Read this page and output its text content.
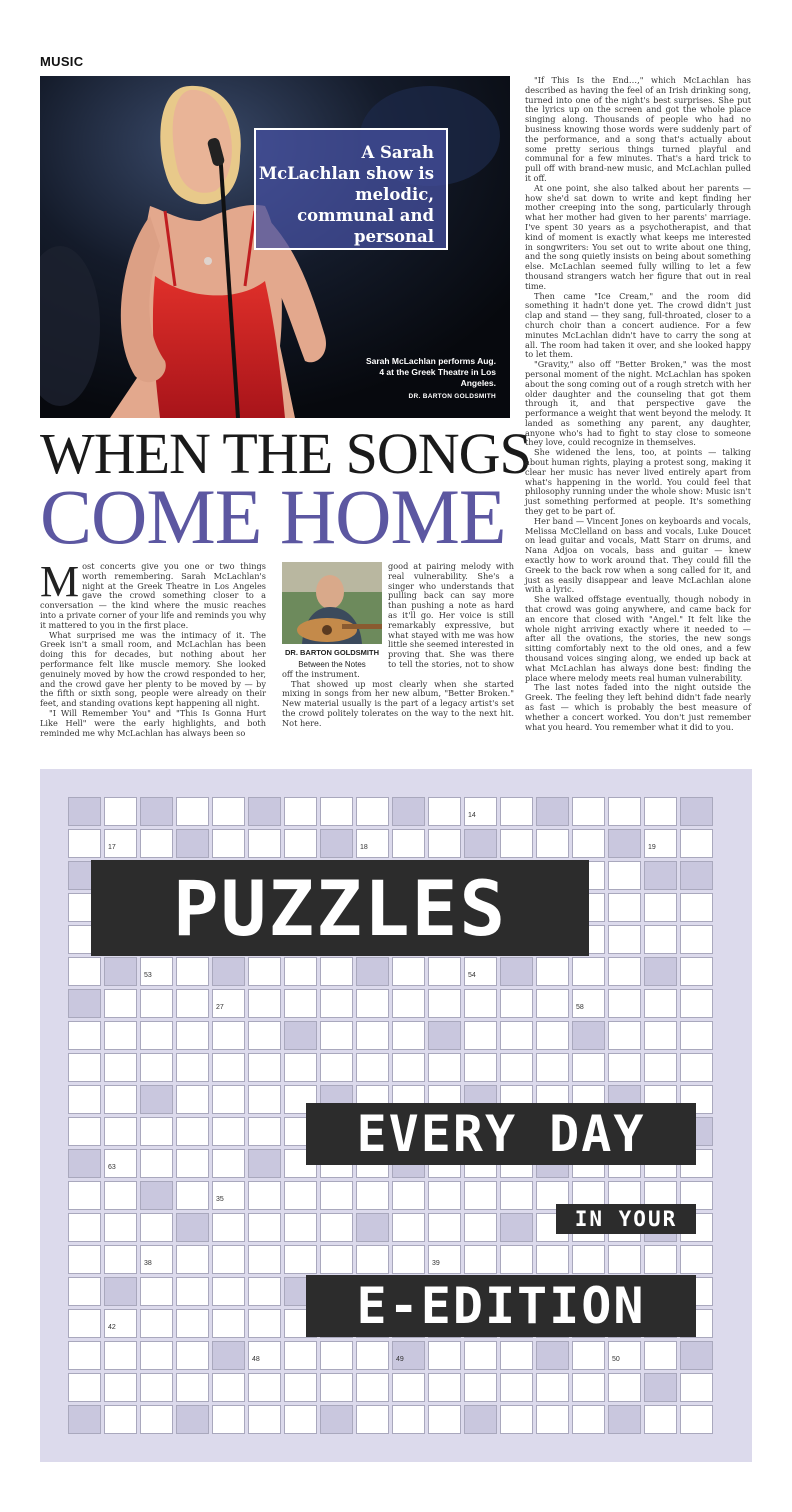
MUSIC
A Sarah McLachlan show is melodic, communal and personal
Sarah McLachlan performs Aug. 4 at the Greek Theatre in Los Angeles.
DR. BARTON GOLDSMITH
WHEN THE SONGS
COME HOME

Most concerts give you one or two things worth remembering. Sarah McLachlan's night at the Greek Theatre in Los Angeles gave the crowd something closer to a conversation — the kind where the music reaches into a private corner of your life and reminds you why it mattered to you in the first place.

What surprised me was the intimacy of it. The Greek isn't a small room, and McLachlan has been doing this for decades, but nothing about her performance felt like muscle memory. She looked genuinely moved by how the crowd responded to her, and the crowd gave her plenty to be moved by — by the fifth or sixth song, people were already on their feet, and standing ovations kept happening all night.

"I Will Remember You" and "This Is Gonna Hurt Like Hell" were the early highlights, and both reminded me why McLachlan has always been so

DR. BARTON GOLDSMITH
Between the Notes

good at pairing melody with real vulnerability. She's a singer who understands that pulling back can say more than pushing a note as hard as it'll go. Her voice is still remarkably expressive, but what stayed with me was how little she seemed interested in proving that. She was there to tell the stories, not to show off the instrument.

That showed up most clearly when she started mixing in songs from her new album, "Better Broken." New material usually is the part of a legacy artist's set the crowd politely tolerates on the way to the next hit. Not here.

"If This Is the End…," which McLachlan has described as having the feel of an Irish drinking song, turned into one of the night's best surprises. She put the lyrics up on the screen and got the whole place singing along. Thousands of people who had no business knowing those words were suddenly part of the performance, and a song that's actually about some pretty serious things turned playful and communal for a few minutes. That's a hard trick to pull off with brand-new music, and McLachlan pulled it off.

At one point, she also talked about her parents — how she'd sat down to write and kept finding her mother creeping into the song, particularly through what her mother had given to her parents' marriage. I've spent 30 years as a psychotherapist, and that kind of moment is exactly what keeps me interested in songwriters: You set out to write about one thing, and the song quietly insists on being about something else. McLachlan seemed fully willing to let a few thousand strangers watch her figure that out in real time.

Then came "Ice Cream," and the room did something it hadn't done yet. The crowd didn't just clap and stand — they sang, full-throated, closer to a church choir than a concert audience. For a few minutes McLachlan didn't have to carry the song at all. The room had taken it over, and she looked happy to let them.

"Gravity," also off "Better Broken," was the most personal moment of the night. McLachlan has spoken about the song coming out of a rough stretch with her older daughter and the counseling that got them through it, and that perspective gave the performance a weight that went beyond the melody. It landed as something any parent, any daughter, anyone who's had to fight to stay close to someone they love, could recognize in themselves.

She widened the lens, too, at points — talking about human rights, playing a protest song, making it clear her music has never lived entirely apart from what's happening in the world. You could feel that philosophy running under the whole show: Music isn't just something performed at people. It's something they get to be part of.

Her band — Vincent Jones on keyboards and vocals, Melissa McClelland on bass and vocals, Luke Doucet on lead guitar and vocals, Matt Starr on drums, and Nana Adjoa on vocals, bass and guitar — knew exactly how to work around that. They could fill the Greek to the back row when a song called for it, and just as easily disappear and leave McLachlan alone with a lyric.

She walked offstage eventually, though nobody in that crowd was going anywhere, and came back for an encore that closed with "Angel." It felt like the whole night arriving exactly where it needed to — after all the ovations, the stories, the new songs sitting comfortably next to the old ones, and a few thousand voices singing along, we ended up back at what McLachlan has always done best: finding the place where melody meets real human vulnerability.

The last notes faded into the night outside the Greek. The feeling they left behind didn't fade nearly as fast — which is probably the best measure of whether a concert worked. You don't just remember what you heard. You remember what it did to you.

14
17	18	19
53	54
27	58
63
35
38	39
42
48	49	50
PUZZLES
EVERY DAY
IN YOUR
E-EDITION
